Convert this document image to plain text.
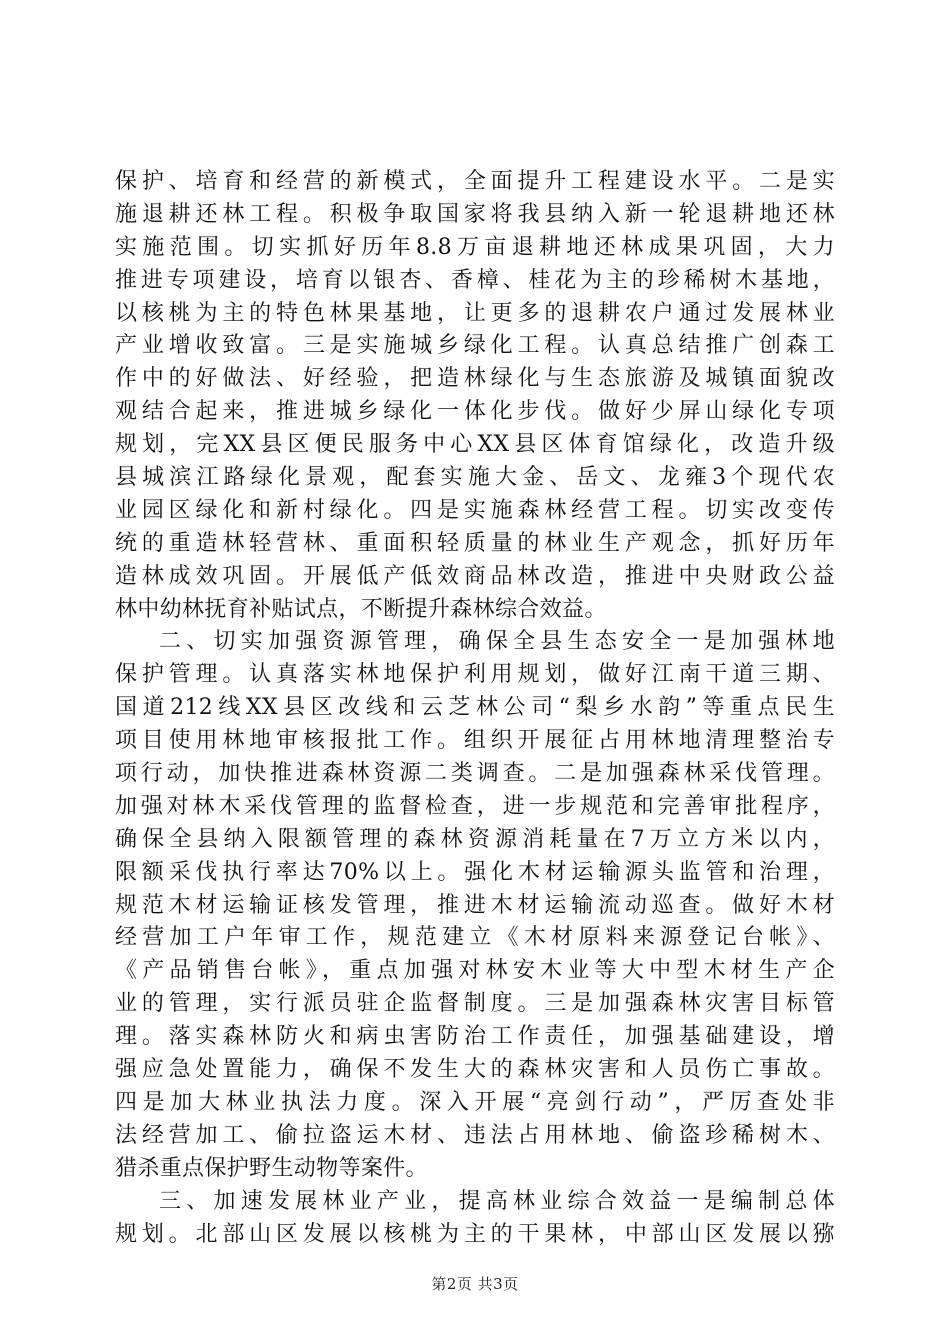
保护、培育和经营的新模式，全面提升工程建设水平。二是实
施退耕还林工程。积极争取国家将我县纳入新一轮退耕地还林
实施范围。切实抓好历年8.8万亩退耕地还林成果巩固，大力
推进专项建设，培育以银杏、香樟、桂花为主的珍稀树木基地，
以核桃为主的特色林果基地，让更多的退耕农户通过发展林业
产业增收致富。三是实施城乡绿化工程。认真总结推广创森工
作中的好做法、好经验，把造林绿化与生态旅游及城镇面貌改
观结合起来，推进城乡绿化一体化步伐。做好少屏山绿化专项
规划，完XX县区便民服务中心XX县区体育馆绿化，改造升级
县城滨江路绿化景观，配套实施大金、岳文、龙雍3个现代农
业园区绿化和新村绿化。四是实施森林经营工程。切实改变传
统的重造林轻营林、重面积轻质量的林业生产观念，抓好历年
造林成效巩固。开展低产低效商品林改造，推进中央财政公益
林中幼林抚育补贴试点，不断提升森林综合效益。
二、切实加强资源管理，确保全县生态安全一是加强林地
保护管理。认真落实林地保护利用规划，做好江南干道三期、
国道212线XX县区改线和云芝林公司“梨乡水韵”等重点民生
项目使用林地审核报批工作。组织开展征占用林地清理整治专
项行动，加快推进森林资源二类调查。二是加强森林采伐管理。
加强对林木采伐管理的监督检查，进一步规范和完善审批程序，
确保全县纳入限额管理的森林资源消耗量在7万立方米以内，
限额采伐执行率达70%以上。强化木材运输源头监管和治理，
规范木材运输证核发管理，推进木材运输流动巡查。做好木材
经营加工户年审工作，规范建立《木材原料来源登记台帐》、
《产品销售台帐》，重点加强对林安木业等大中型木材生产企
业的管理，实行派员驻企监督制度。三是加强森林灾害目标管
理。落实森林防火和病虫害防治工作责任，加强基础建设，增
强应急处置能力，确保不发生大的森林灾害和人员伤亡事故。
四是加大林业执法力度。深入开展“亮剑行动”，严厉查处非
法经营加工、偷拉盗运木材、违法占用林地、偷盗珍稀树木、
猎杀重点保护野生动物等案件。
三、加速发展林业产业，提高林业综合效益一是编制总体
规划。北部山区发展以核桃为主的干果林，中部山区发展以猕
第2页 共3页
